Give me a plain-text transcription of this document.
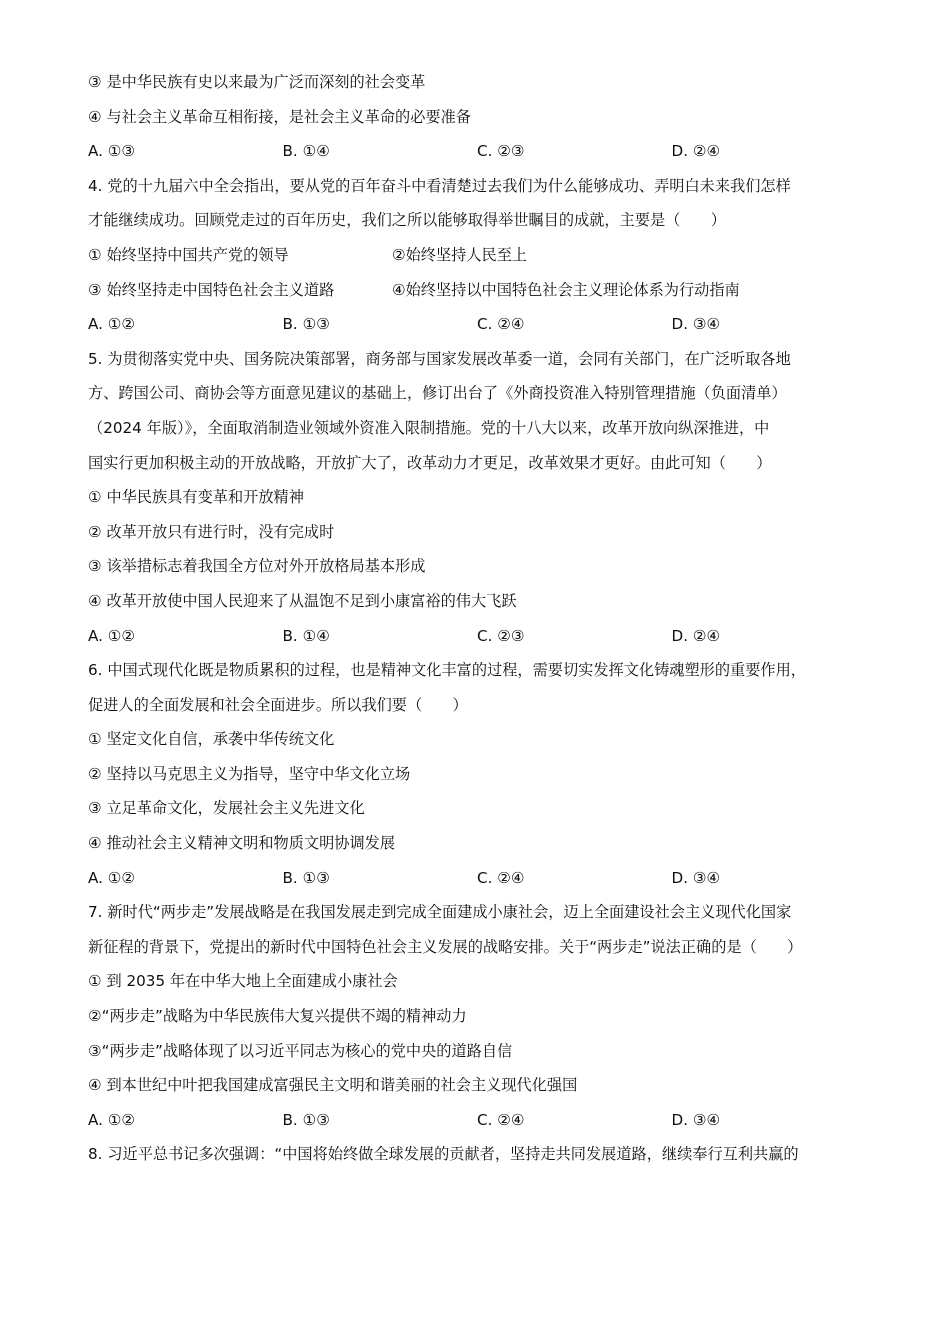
③ 是中华民族有史以来最为广泛而深刻的社会变革

④ 与社会主义革命互相衔接，是社会主义革命的必要准备

A. ①③	B. ①④	C. ②③	D. ②④

4. 党的十九届六中全会指出，要从党的百年奋斗中看清楚过去我们为什么能够成功、弄明白未来我们怎样

才能继续成功。回顾党走过的百年历史，我们之所以能够取得举世瞩目的成就，主要是（　　）

① 始终坚持中国共产党的领导	②始终坚持人民至上
③ 始终坚持走中国特色社会主义道路	④始终坚持以中国特色社会主义理论体系为行动指南
A. ①②	B. ①③	C. ②④	D. ③④

5. 为贯彻落实党中央、国务院决策部署，商务部与国家发展改革委一道，会同有关部门，在广泛听取各地

方、跨国公司、商协会等方面意见建议的基础上，修订出台了《外商投资准入特别管理措施（负面清单）

（2024 年版）》，全面取消制造业领域外资准入限制措施。党的十八大以来，改革开放向纵深推进，中

国实行更加积极主动的开放战略，开放扩大了，改革动力才更足，改革效果才更好。由此可知（　　）

① 中华民族具有变革和开放精神

② 改革开放只有进行时，没有完成时

③ 该举措标志着我国全方位对外开放格局基本形成

④ 改革开放使中国人民迎来了从温饱不足到小康富裕的伟大飞跃

A. ①②	B. ①④	C. ②③	D. ②④

6. 中国式现代化既是物质累积的过程，也是精神文化丰富的过程，需要切实发挥文化铸魂塑形的重要作用，

促进人的全面发展和社会全面进步。所以我们要（　　）

① 坚定文化自信，承袭中华传统文化

② 坚持以马克思主义为指导，坚守中华文化立场

③ 立足革命文化，发展社会主义先进文化

④ 推动社会主义精神文明和物质文明协调发展

A. ①②	B. ①③	C. ②④	D. ③④

7. 新时代“两步走”发展战略是在我国发展走到完成全面建成小康社会，迈上全面建设社会主义现代化国家

新征程的背景下，党提出的新时代中国特色社会主义发展的战略安排。关于“两步走”说法正确的是（　　）

① 到 2035 年在中华大地上全面建成小康社会

②“两步走”战略为中华民族伟大复兴提供不竭的精神动力

③“两步走”战略体现了以习近平同志为核心的党中央的道路自信

④ 到本世纪中叶把我国建成富强民主文明和谐美丽的社会主义现代化强国

A. ①②	B. ①③	C. ②④	D. ③④

8. 习近平总书记多次强调：“中国将始终做全球发展的贡献者，坚持走共同发展道路，继续奉行互利共赢的
